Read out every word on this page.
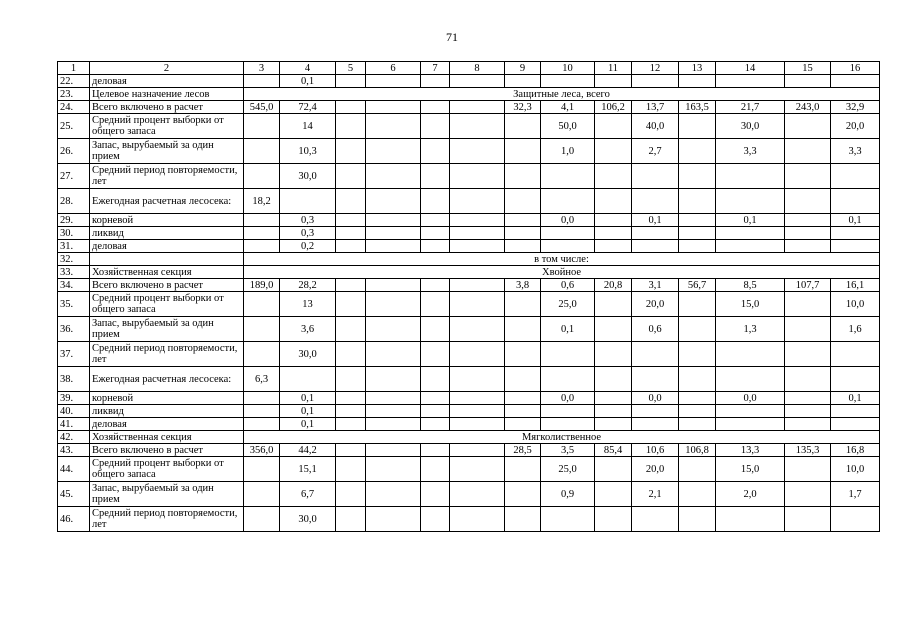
71
1	2	3	4	5	6	7	8	9	10	11	12	13	14	15	16
22.	деловая		0,1												
23.	Целевое назначение лесов	Защитные леса, всего													
24.	Всего включено в расчет	545,0	72,4					32,3	4,1	106,2	13,7	163,5	21,7	243,0	32,9
25.	Средний процент выборки от общего запаса		14						50,0		40,0		30,0		20,0
26.	Запас, вырубаемый за один прием		10,3						1,0		2,7		3,3		3,3
27.	Средний период повторяемости, лет		30,0												
28.	Ежегодная расчетная лесосека:	18,2													
29.	корневой		0,3						0,0		0,1		0,1		0,1
30.	ликвид		0,3												
31.	деловая		0,2												
32.		в том числе:													
33.	Хозяйственная секция	Хвойное													
34.	Всего включено в расчет	189,0	28,2					3,8	0,6	20,8	3,1	56,7	8,5	107,7	16,1
35.	Средний процент выборки от общего запаса		13						25,0		20,0		15,0		10,0
36.	Запас, вырубаемый за один прием		3,6						0,1		0,6		1,3		1,6
37.	Средний период повторяемости, лет		30,0												
38.	Ежегодная расчетная лесосека:	6,3													
39.	корневой		0,1						0,0		0,0		0,0		0,1
40.	ликвид		0,1												
41.	деловая		0,1												
42.	Хозяйственная секция	Мягколиственное													
43.	Всего включено в расчет	356,0	44,2					28,5	3,5	85,4	10,6	106,8	13,3	135,3	16,8
44.	Средний процент выборки от общего запаса		15,1						25,0		20,0		15,0		10,0
45.	Запас, вырубаемый за один прием		6,7						0,9		2,1		2,0		1,7
46.	Средний период повторяемости, лет		30,0												
